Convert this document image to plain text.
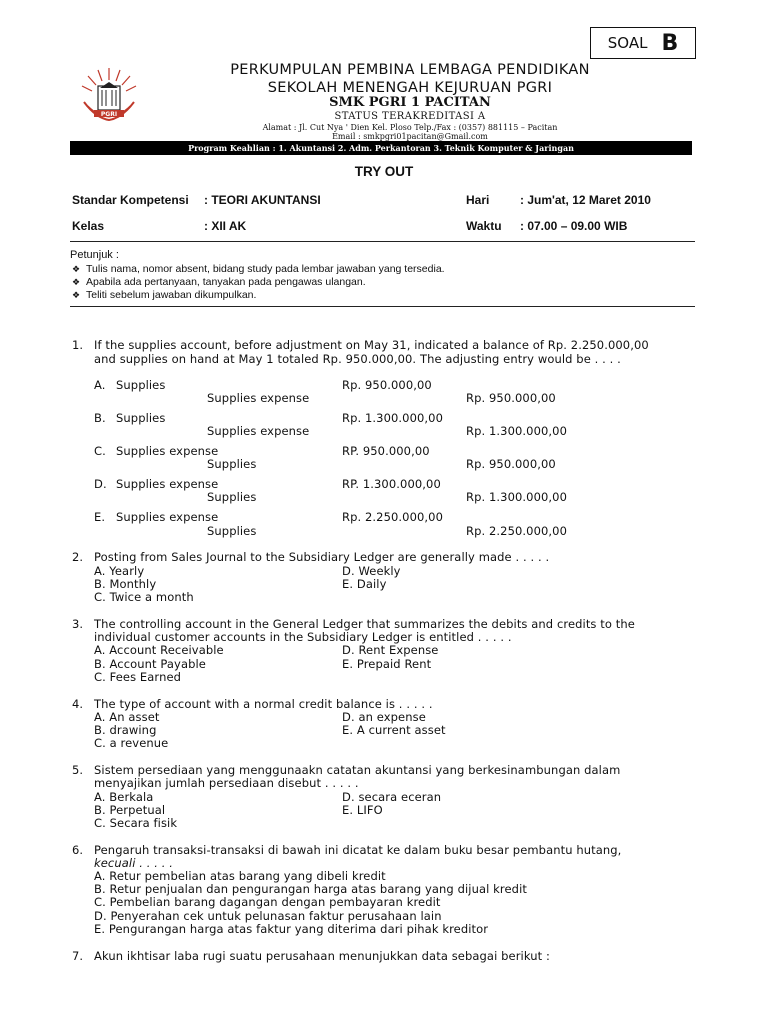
SOAL B
PGRI
PERKUMPULAN PEMBINA LEMBAGA PENDIDIKAN
SEKOLAH MENENGAH KEJURUAN PGRI
SMK PGRI 1 PACITAN
STATUS TERAKREDITASI A
Alamat : Jl. Cut Nya ' Dien Kel. Ploso Telp./Fax : (0357) 881115 – Pacitan
Email : smkpgri01pacitan@Gmail.com
Program Keahlian : 1. Akuntansi 2. Adm. Perkantoran 3. Teknik Komputer & Jaringan
TRY OUT
Standar Kompetensi : TEORI AKUNTANSI	Hari	: Jum'at, 12 Maret 2010
Kelas	: XII AK	Waktu : 07.00 – 09.00 WIB
Petunjuk :
❖ Tulis nama, nomor absent, bidang study pada lembar jawaban yang tersedia.
❖ Apabila ada pertanyaan, tanyakan pada pengawas ulangan.
❖ Teliti sebelum jawaban dikumpulkan.
1. If the supplies account, before adjustment on May 31, indicated a balance of Rp. 2.250.000,00
and supplies on hand at May 1 totaled Rp. 950.000,00. The adjusting entry would be . . . .
A. Supplies	Rp. 950.000,00
Supplies expense	Rp. 950.000,00
B. Supplies	Rp. 1.300.000,00
Supplies expense	Rp. 1.300.000,00
C. Supplies expense	RP. 950.000,00
Supplies	Rp. 950.000,00
D. Supplies expense	RP. 1.300.000,00
Supplies	Rp. 1.300.000,00
E. Supplies expense	Rp. 2.250.000,00
Supplies	Rp. 2.250.000,00
2. Posting from Sales Journal to the Subsidiary Ledger are generally made . . . . .
A. Yearly	D. Weekly
B. Monthly	E. Daily
C. Twice a month
3. The controlling account in the General Ledger that summarizes the debits and credits to the
individual customer accounts in the Subsidiary Ledger is entitled . . . . .
A. Account Receivable	D. Rent Expense
B. Account Payable	E. Prepaid Rent
C. Fees Earned
4. The type of account with a normal credit balance is . . . . .
A. An asset	D. an expense
B. drawing	E. A current asset
C. a revenue
5. Sistem persediaan yang menggunaakn catatan akuntansi yang berkesinambungan dalam
menyajikan jumlah persediaan disebut . . . . .
A. Berkala	D. secara eceran
B. Perpetual	E. LIFO
C. Secara fisik
6. Pengaruh transaksi-transaksi di bawah ini dicatat ke dalam buku besar pembantu hutang,
kecuali . . . . .
A. Retur pembelian atas barang yang dibeli kredit
B. Retur penjualan dan pengurangan harga atas barang yang dijual kredit
C. Pembelian barang dagangan dengan pembayaran kredit
D. Penyerahan cek untuk pelunasan faktur perusahaan lain
E. Pengurangan harga atas faktur yang diterima dari pihak kreditor
7. Akun ikhtisar laba rugi suatu perusahaan menunjukkan data sebagai berikut :
